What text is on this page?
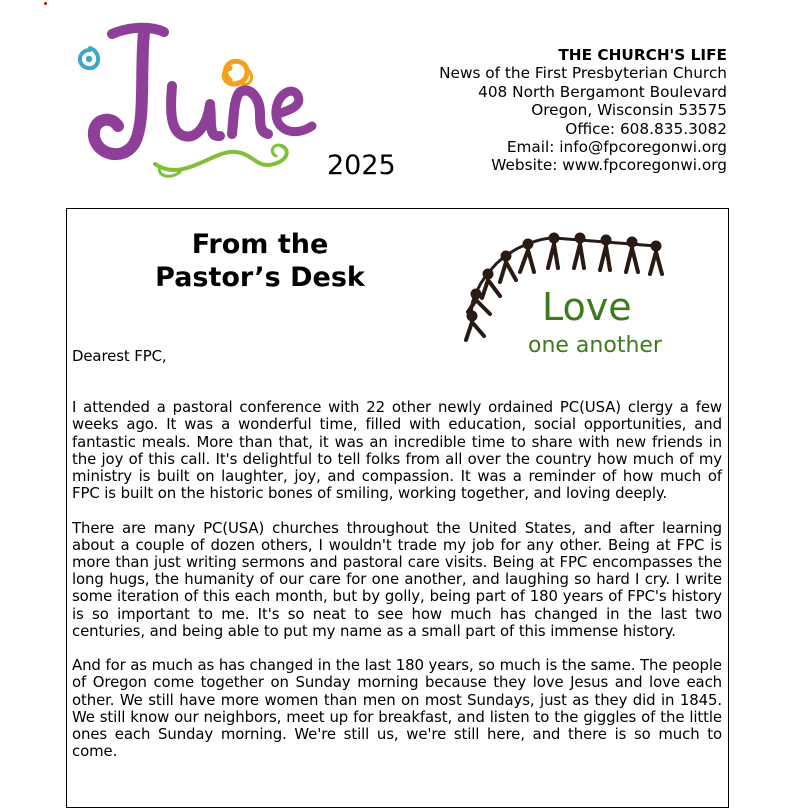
2025
THE CHURCH'S LIFE
News of the First Presbyterian Church
408 North Bergamont Boulevard
Oregon, Wisconsin 53575
Office: 608.835.3082
Email: info@fpcoregonwi.org
Website: www.fpcoregonwi.org
From the
Pastor’s Desk
Love
one another

Dearest FPC,

I attended a pastoral conference with 22 other newly ordained PC(USA) clergy a few weeks ago. It was a wonderful time, filled with education, social opportunities, and fantastic meals. More than that, it was an incredible time to share with new friends in the joy of this call. It's delightful to tell folks from all over the country how much of my ministry is built on laughter, joy, and compassion. It was a reminder of how much of FPC is built on the historic bones of smiling, working together, and loving deeply.

There are many PC(USA) churches throughout the United States, and after learning about a couple of dozen others, I wouldn't trade my job for any other. Being at FPC is more than just writing sermons and pastoral care visits. Being at FPC encompasses the long hugs, the humanity of our care for one another, and laughing so hard I cry. I write some iteration of this each month, but by golly, being part of 180 years of FPC's history is so important to me. It's so neat to see how much has changed in the last two centuries, and being able to put my name as a small part of this immense history.

And for as much as has changed in the last 180 years, so much is the same. The people of Oregon come together on Sunday morning because they love Jesus and love each other. We still have more women than men on most Sundays, just as they did in 1845. We still know our neighbors, meet up for breakfast, and listen to the giggles of the little ones each Sunday morning. We're still us, we're still here, and there is so much to come.
